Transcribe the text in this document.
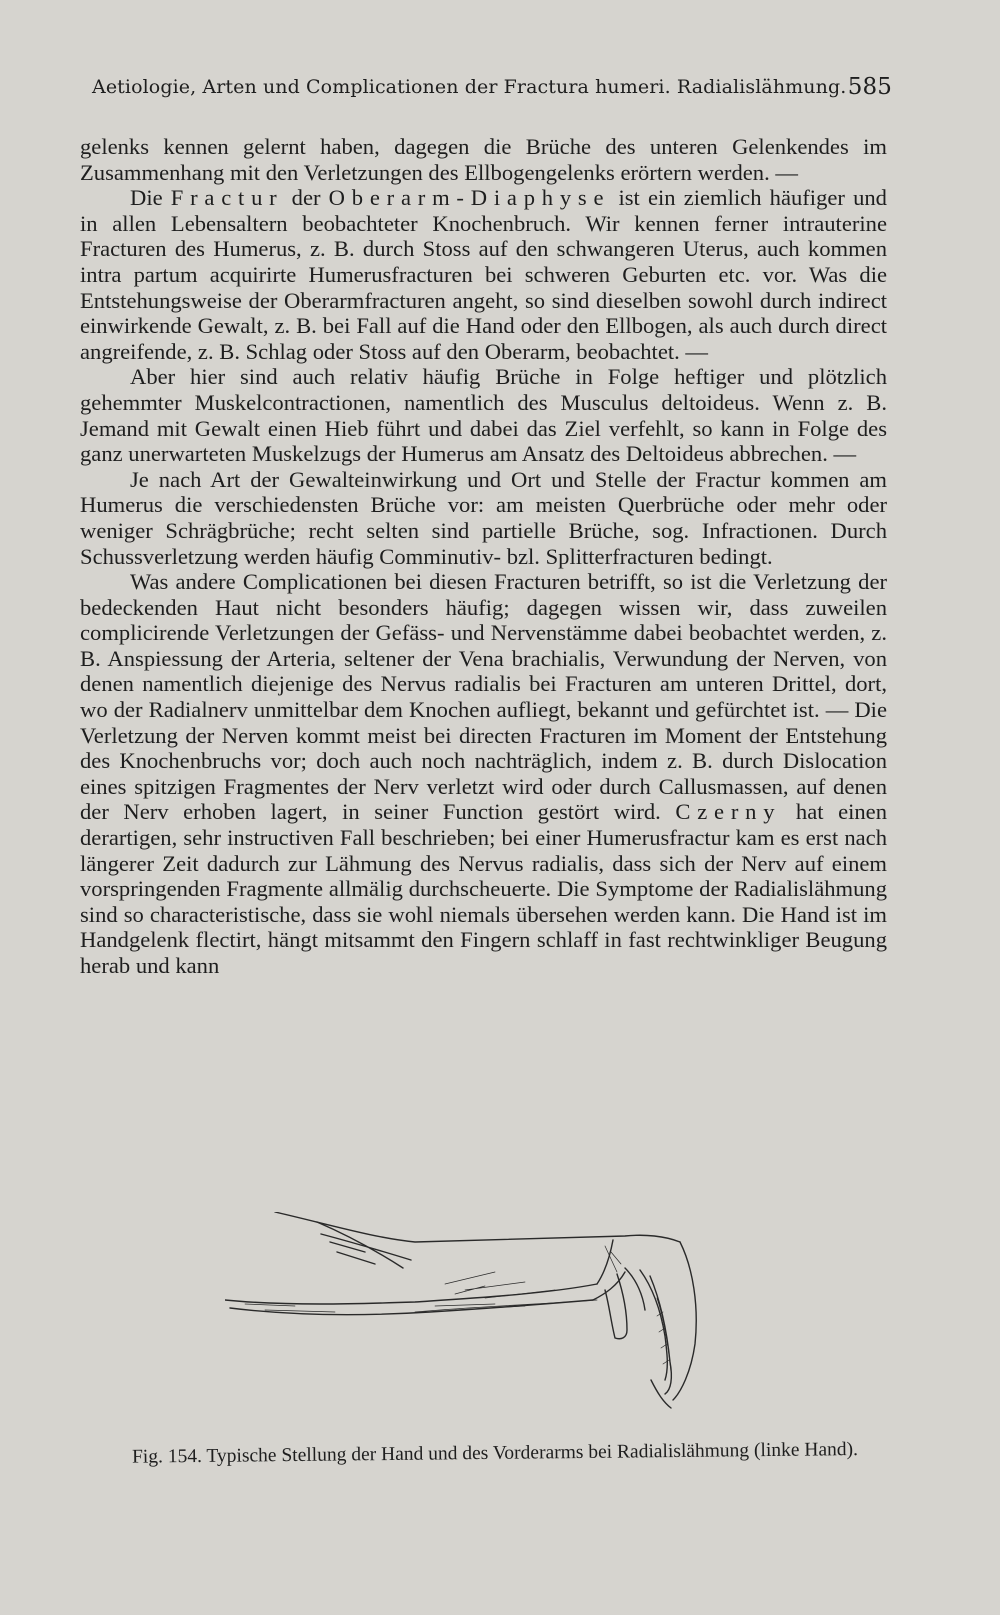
Aetiologie, Arten und Complicationen der Fractura humeri. Radialislähmung. 585

gelenks kennen gelernt haben, dagegen die Brüche des unteren Gelenkendes im Zusammenhang mit den Verletzungen des Ellbogengelenks erörtern werden. —

Die Fractur der Oberarm-Diaphyse ist ein ziemlich häufiger und in allen Lebensaltern beobachteter Knochenbruch. Wir kennen ferner intrauterine Fracturen des Humerus, z. B. durch Stoss auf den schwangeren Uterus, auch kommen intra partum acquirirte Humerusfracturen bei schweren Geburten etc. vor. Was die Entstehungsweise der Oberarmfracturen angeht, so sind dieselben sowohl durch indirect einwirkende Gewalt, z. B. bei Fall auf die Hand oder den Ellbogen, als auch durch direct angreifende, z. B. Schlag oder Stoss auf den Oberarm, beobachtet. —

Aber hier sind auch relativ häufig Brüche in Folge heftiger und plötzlich gehemmter Muskelcontractionen, namentlich des Musculus deltoideus. Wenn z. B. Jemand mit Gewalt einen Hieb führt und dabei das Ziel verfehlt, so kann in Folge des ganz unerwarteten Muskelzugs der Humerus am Ansatz des Deltoideus abbrechen. —

Je nach Art der Gewalteinwirkung und Ort und Stelle der Fractur kommen am Humerus die verschiedensten Brüche vor: am meisten Querbrüche oder mehr oder weniger Schrägbrüche; recht selten sind partielle Brüche, sog. Infractionen. Durch Schussverletzung werden häufig Comminutiv- bzl. Splitterfracturen bedingt.

Was andere Complicationen bei diesen Fracturen betrifft, so ist die Verletzung der bedeckenden Haut nicht besonders häufig; dagegen wissen wir, dass zuweilen complicirende Verletzungen der Gefäss- und Nervenstämme dabei beobachtet werden, z. B. Anspiessung der Arteria, seltener der Vena brachialis, Verwundung der Nerven, von denen namentlich diejenige des Nervus radialis bei Fracturen am unteren Drittel, dort, wo der Radialnerv unmittelbar dem Knochen aufliegt, bekannt und gefürchtet ist. — Die Verletzung der Nerven kommt meist bei directen Fracturen im Moment der Entstehung des Knochenbruchs vor; doch auch noch nachträglich, indem z. B. durch Dislocation eines spitzigen Fragmentes der Nerv verletzt wird oder durch Callusmassen, auf denen der Nerv erhoben lagert, in seiner Function gestört wird. Czerny hat einen derartigen, sehr instructiven Fall beschrieben; bei einer Humerusfractur kam es erst nach längerer Zeit dadurch zur Lähmung des Nervus radialis, dass sich der Nerv auf einem vorspringenden Fragmente allmälig durchscheuerte. Die Symptome der Radialislähmung sind so characteristische, dass sie wohl niemals übersehen werden kann. Die Hand ist im Handgelenk flectirt, hängt mitsammt den Fingern schlaff in fast rechtwinkliger Beugung herab und kann

Fig. 154. Typische Stellung der Hand und des Vorderarms bei Radialislähmung (linke Hand).
